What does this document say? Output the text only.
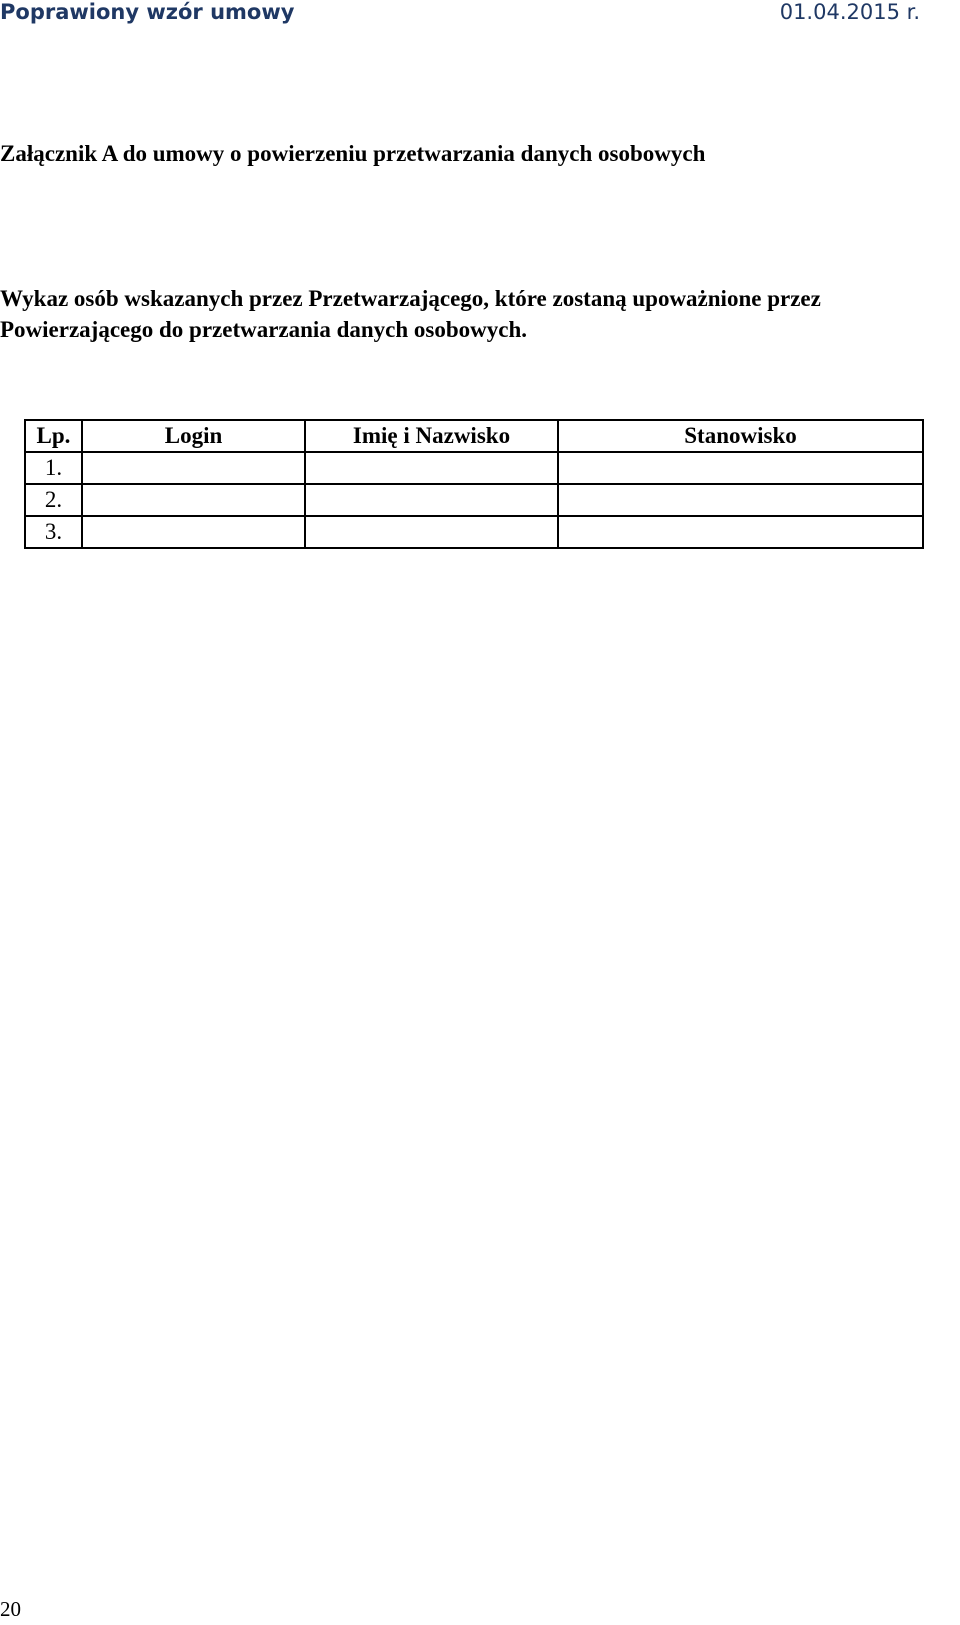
Poprawiony wzór umowy	01.04.2015 r.
Załącznik A do umowy o powierzeniu przetwarzania danych osobowych
Wykaz osób wskazanych przez Przetwarzającego, które zostaną upoważnione przez
Powierzającego do przetwarzania danych osobowych.
Lp.	Login	Imię i Nazwisko	Stanowisko
1.			
2.			
3.			
20
